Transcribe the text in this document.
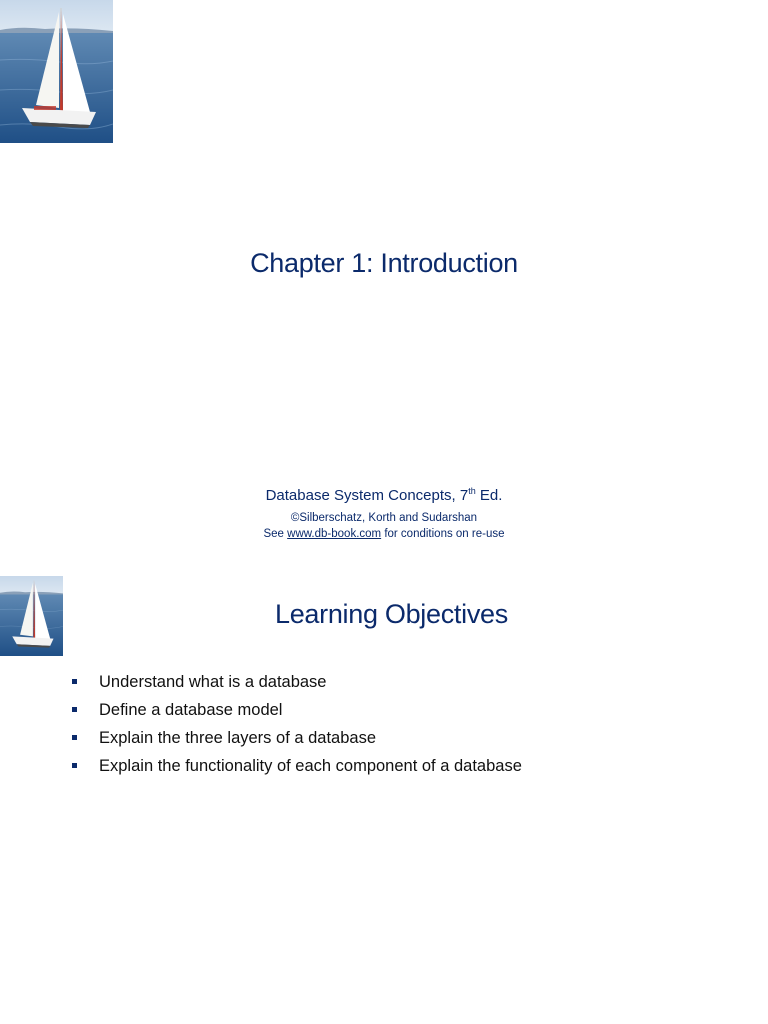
Chapter 1: Introduction
Database System Concepts, 7th Ed.
©Silberschatz, Korth and Sudarshan
See www.db-book.com for conditions on re-use
Learning Objectives
Understand what is a database
Define a database model
Explain the three layers of a database
Explain the functionality of each component of a database
